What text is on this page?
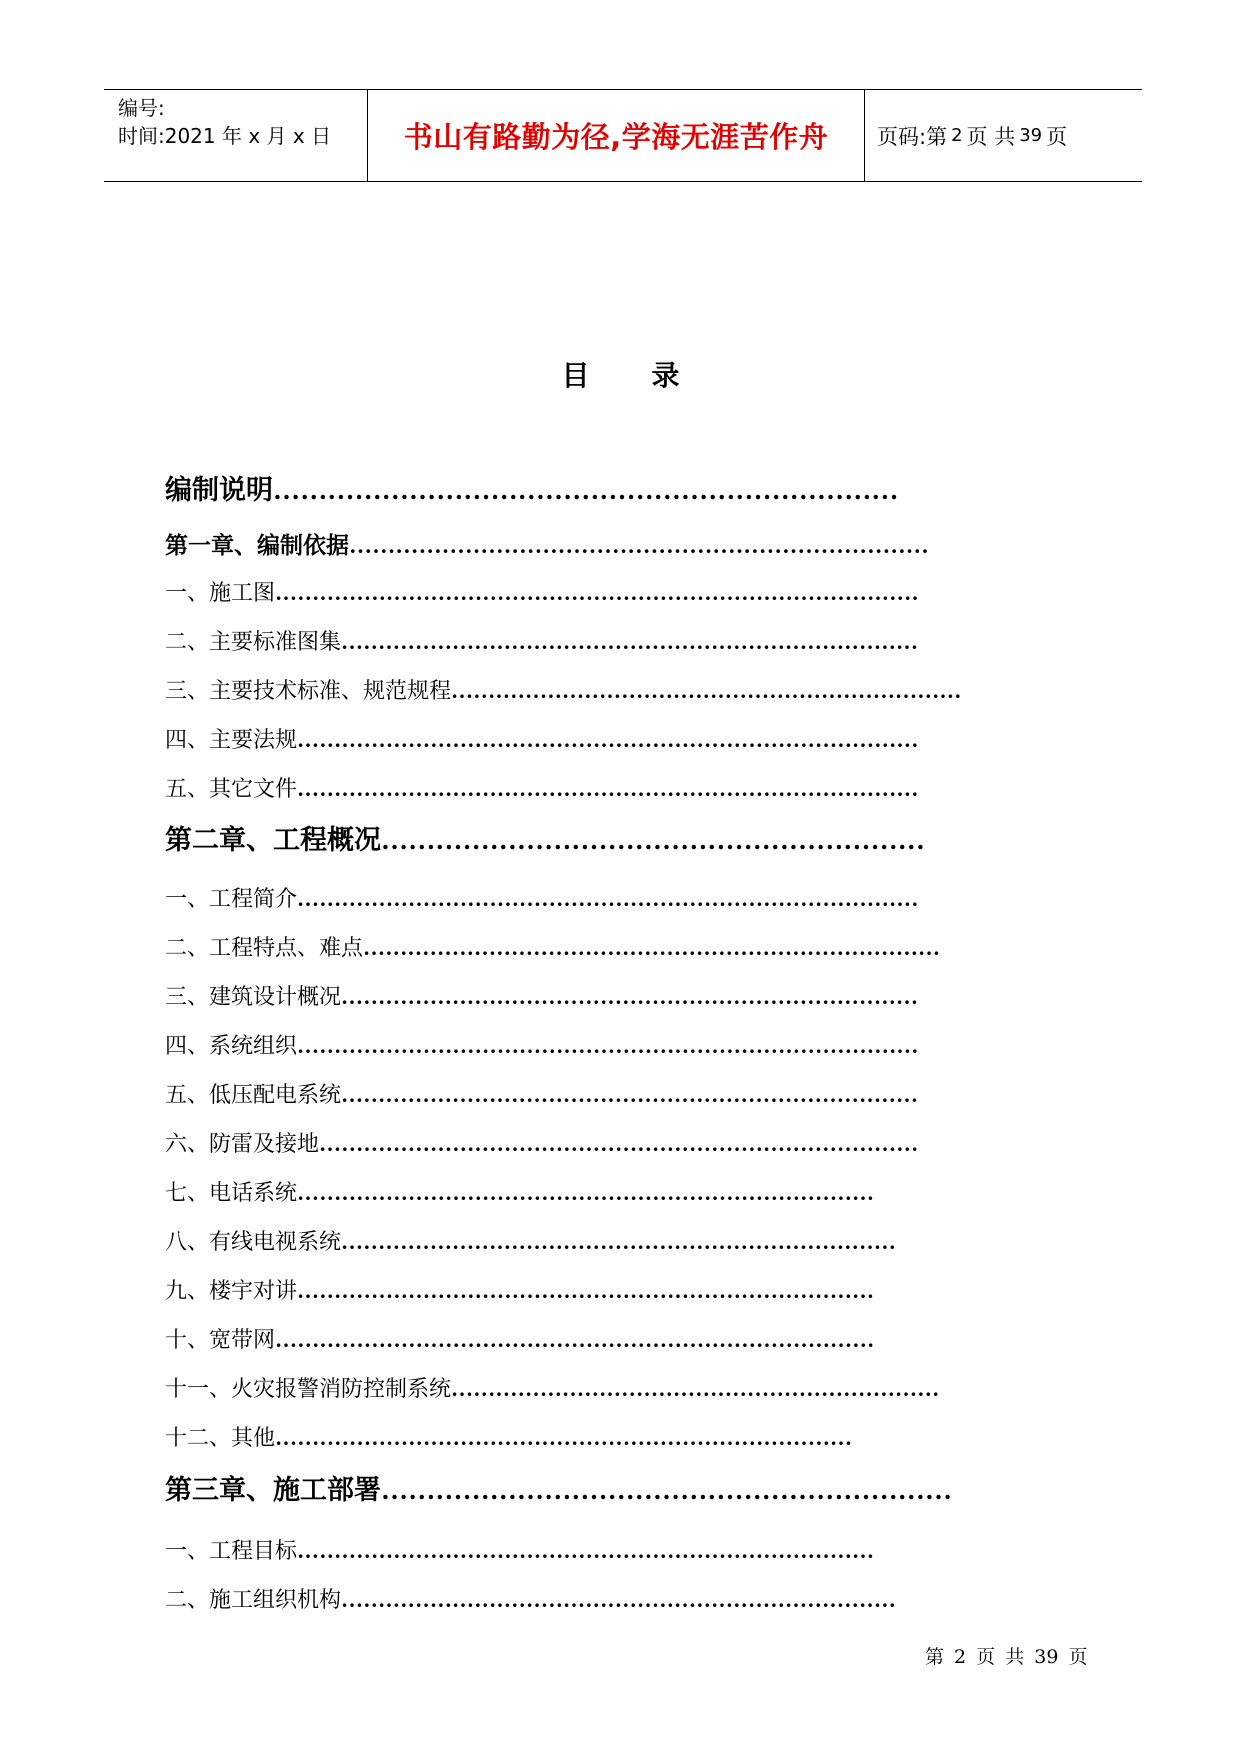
编号:
时间:2021 年 x 月 x 日	书山有路勤为径,学海无涯苦作舟 页码:第 2 页 共 39 页
目 录
编制说明……………………………………………………………
第一章、编制依据…………………………………………………………………
一、施工图……………………………………………………………………………
二、主要标准图集……………………………………………………………………
三、主要技术标准、规范规程……………………………………………………………
四、主要法规…………………………………………………………………………
五、其它文件…………………………………………………………………………
第二章、工程概况……………………………………………………
一、工程简介…………………………………………………………………………
二、工程特点、难点……………………………………………………………………
三、建筑设计概况……………………………………………………………………
四、系统组织…………………………………………………………………………
五、低压配电系统……………………………………………………………………
六、防雷及接地………………………………………………………………………
七、电话系统……………………………………………………………………
八、有线电视系统…………………………………………………………………
九、楼宇对讲……………………………………………………………………
十、宽带网………………………………………………………………………
十一、火灾报警消防控制系统…………………………………………………………
十二、其他……………………………………………………………………
第三章、施工部署………………………………………………………
一、工程目标……………………………………………………………………
二、施工组织机构…………………………………………………………………
第 2 页 共 39 页
